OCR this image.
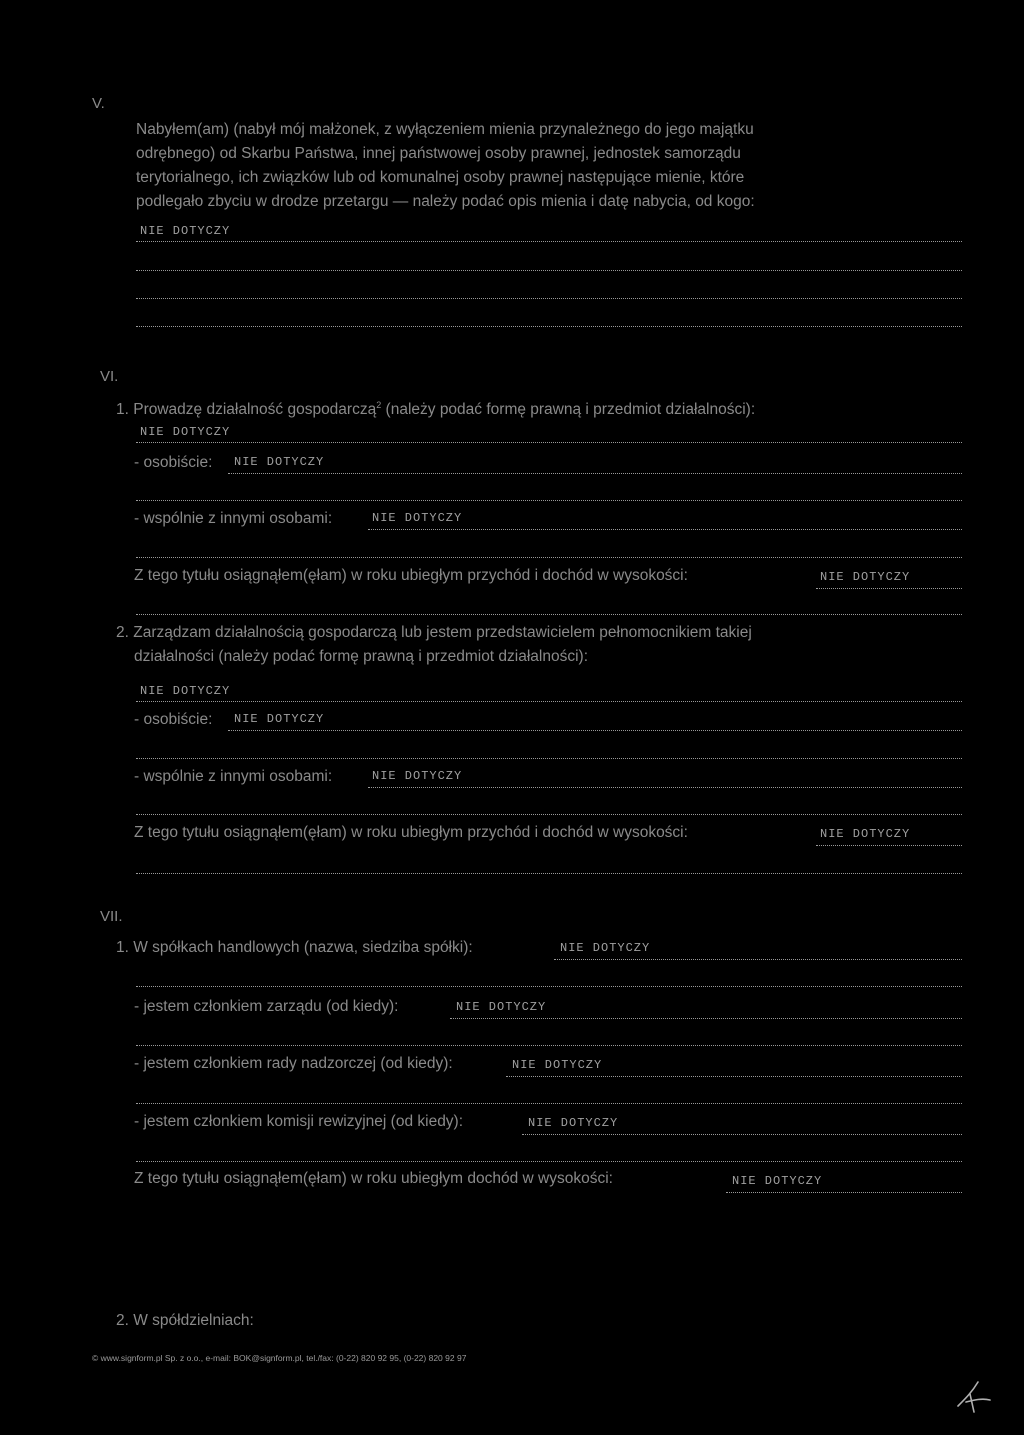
V.
Nabyłem(am) (nabył mój małżonek, z wyłączeniem mienia przynależnego do jego majątku
odrębnego) od Skarbu Państwa, innej państwowej osoby prawnej, jednostek samorządu
terytorialnego, ich związków lub od komunalnej osoby prawnej następujące mienie, które
podlegało zbyciu w drodze przetargu — należy podać opis mienia i datę nabycia, od kogo:
NIE DOTYCZY
VI.
1. Prowadzę działalność gospodarczą$^2$ (należy podać formę prawną i przedmiot działalności):
NIE DOTYCZY
- osobiście: NIE DOTYCZY
- wspólnie z innymi osobami:	NIE DOTYCZY
Z tego tytułu osiągnąłem(ęłam) w roku ubiegłym przychód i dochód w wysokości:	NIE DOTYCZY
2. Zarządzam działalnością gospodarczą lub jestem przedstawicielem pełnomocnikiem takiej
działalności (należy podać formę prawną i przedmiot działalności):
NIE DOTYCZY
- osobiście: NIE DOTYCZY
- wspólnie z innymi osobami:	NIE DOTYCZY
Z tego tytułu osiągnąłem(ęłam) w roku ubiegłym przychód i dochód w wysokości:	NIE DOTYCZY
VII.
1. W spółkach handlowych (nazwa, siedziba spółki):	NIE DOTYCZY
- jestem członkiem zarządu (od kiedy):	NIE DOTYCZY
- jestem członkiem rady nadzorczej (od kiedy):	NIE DOTYCZY
- jestem członkiem komisji rewizyjnej (od kiedy):	NIE DOTYCZY
Z tego tytułu osiągnąłem(ęłam) w roku ubiegłym dochód w wysokości:	NIE DOTYCZY
2. W spółdzielniach:
© www.signform.pl Sp. z o.o., e-mail: BOK@signform.pl, tel./fax: (0-22) 820 92 95, (0-22) 820 92 97
